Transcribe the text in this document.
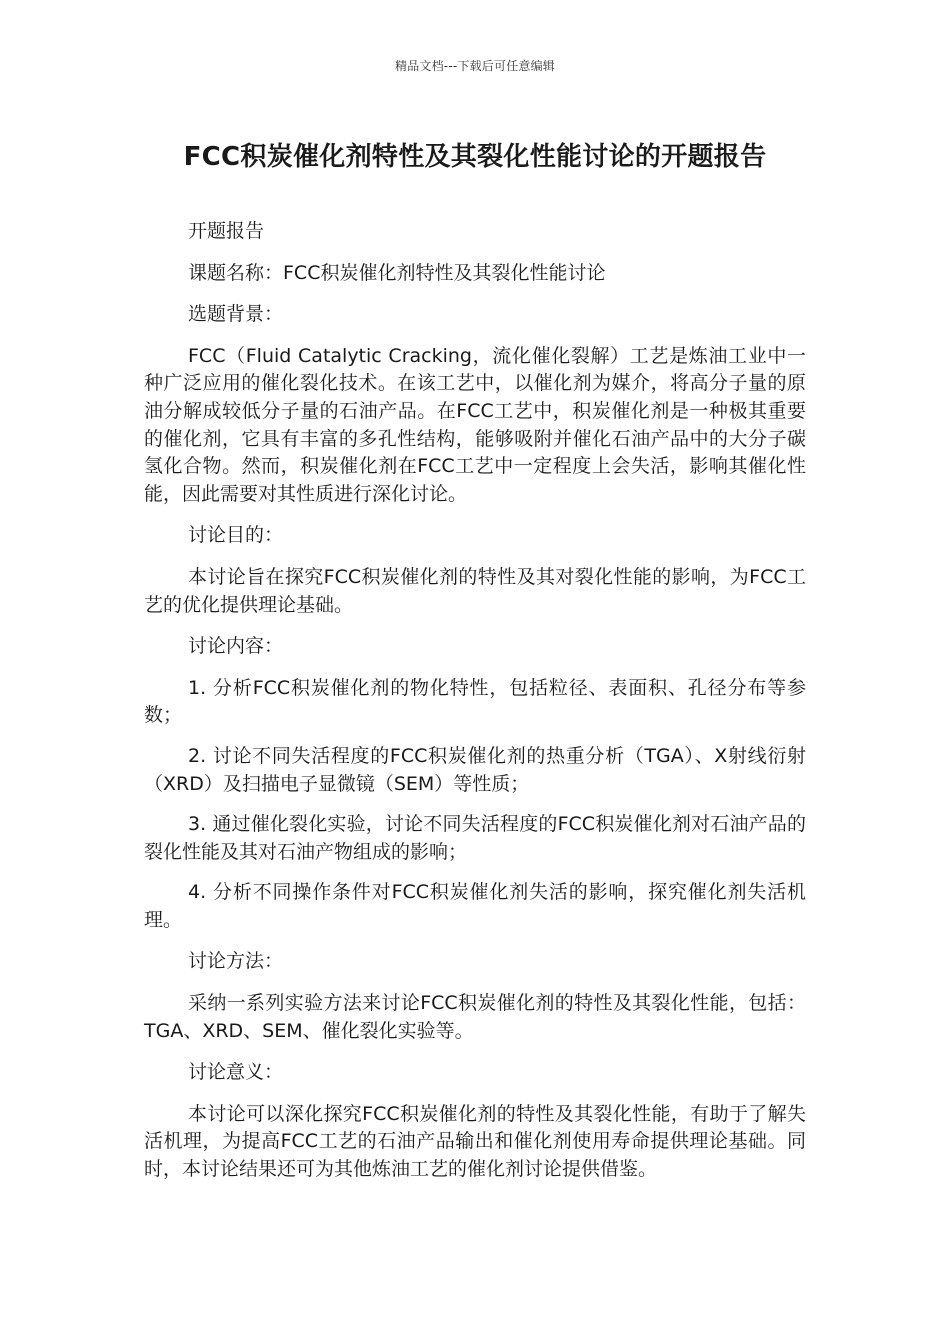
精品文档---下载后可任意编辑
FCC积炭催化剂特性及其裂化性能讨论的开题报告

开题报告

课题名称：FCC积炭催化剂特性及其裂化性能讨论

选题背景：

FCC（Fluid Catalytic Cracking，流化催化裂解）工艺是炼油工业中一种广泛应用的催化裂化技术。在该工艺中，以催化剂为媒介，将高分子量的原油分解成较低分子量的石油产品。在FCC工艺中，积炭催化剂是一种极其重要的催化剂，它具有丰富的多孔性结构，能够吸附并催化石油产品中的大分子碳氢化合物。然而，积炭催化剂在FCC工艺中一定程度上会失活，影响其催化性能，因此需要对其性质进行深化讨论。

讨论目的：

本讨论旨在探究FCC积炭催化剂的特性及其对裂化性能的影响，为FCC工艺的优化提供理论基础。

讨论内容：

1. 分析FCC积炭催化剂的物化特性，包括粒径、表面积、孔径分布等参数；

2. 讨论不同失活程度的FCC积炭催化剂的热重分析（TGA）、X射线衍射（XRD）及扫描电子显微镜（SEM）等性质；

3. 通过催化裂化实验，讨论不同失活程度的FCC积炭催化剂对石油产品的裂化性能及其对石油产物组成的影响；

4. 分析不同操作条件对FCC积炭催化剂失活的影响，探究催化剂失活机理。

讨论方法：

采纳一系列实验方法来讨论FCC积炭催化剂的特性及其裂化性能，包括：TGA、XRD、SEM、催化裂化实验等。

讨论意义：

本讨论可以深化探究FCC积炭催化剂的特性及其裂化性能，有助于了解失活机理，为提高FCC工艺的石油产品输出和催化剂使用寿命提供理论基础。同时，本讨论结果还可为其他炼油工艺的催化剂讨论提供借鉴。
